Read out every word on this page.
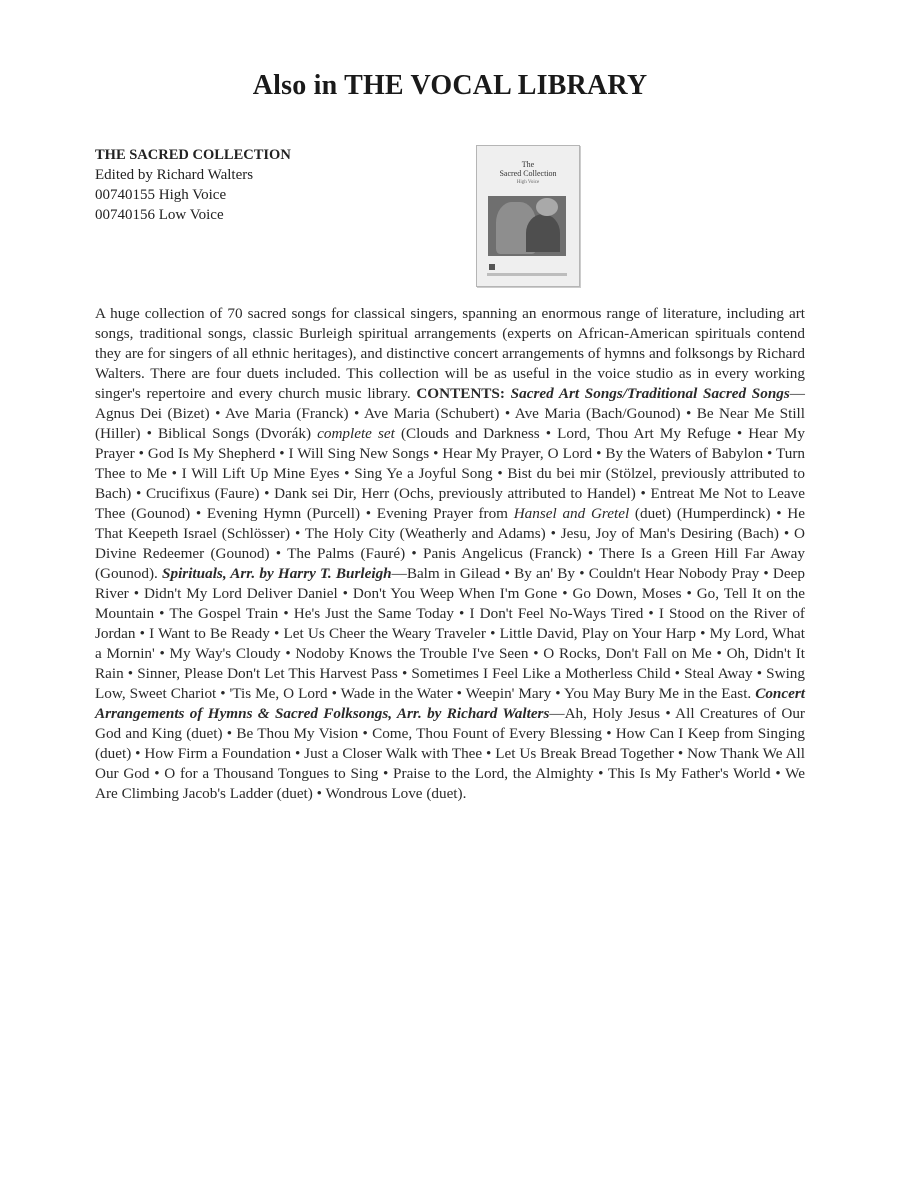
Also in THE VOCAL LIBRARY
THE SACRED COLLECTION
Edited by Richard Walters
00740155 High Voice
00740156 Low Voice
The
Sacred Collection
High Voice
A huge collection of 70 sacred songs for classical singers, spanning an enormous range of literature, including art songs, traditional songs, classic Burleigh spiritual arrangements (experts on African-American spirituals contend they are for singers of all ethnic heritages), and distinctive concert arrangements of hymns and folksongs by Richard Walters. There are four duets included. This collection will be as useful in the voice studio as in every working singer's repertoire and every church music library. CONTENTS: Sacred Art Songs/Traditional Sacred Songs—Agnus Dei (Bizet) • Ave Maria (Franck) • Ave Maria (Schubert) • Ave Maria (Bach/Gounod) • Be Near Me Still (Hiller) • Biblical Songs (Dvorák) complete set (Clouds and Darkness • Lord, Thou Art My Refuge • Hear My Prayer • God Is My Shepherd • I Will Sing New Songs • Hear My Prayer, O Lord • By the Waters of Babylon • Turn Thee to Me • I Will Lift Up Mine Eyes • Sing Ye a Joyful Song • Bist du bei mir (Stölzel, previously attributed to Bach) • Crucifixus (Faure) • Dank sei Dir, Herr (Ochs, previously attributed to Handel) • Entreat Me Not to Leave Thee (Gounod) • Evening Hymn (Purcell) • Evening Prayer from Hansel and Gretel (duet) (Humperdinck) • He That Keepeth Israel (Schlösser) • The Holy City (Weatherly and Adams) • Jesu, Joy of Man's Desiring (Bach) • O Divine Redeemer (Gounod) • The Palms (Fauré) • Panis Angelicus (Franck) • There Is a Green Hill Far Away (Gounod). Spirituals, Arr. by Harry T. Burleigh—Balm in Gilead • By an' By • Couldn't Hear Nobody Pray • Deep River • Didn't My Lord Deliver Daniel • Don't You Weep When I'm Gone • Go Down, Moses • Go, Tell It on the Mountain • The Gospel Train • He's Just the Same Today • I Don't Feel No-Ways Tired • I Stood on the River of Jordan • I Want to Be Ready • Let Us Cheer the Weary Traveler • Little David, Play on Your Harp • My Lord, What a Mornin' • My Way's Cloudy • Nodoby Knows the Trouble I've Seen • O Rocks, Don't Fall on Me • Oh, Didn't It Rain • Sinner, Please Don't Let This Harvest Pass • Sometimes I Feel Like a Motherless Child • Steal Away • Swing Low, Sweet Chariot • 'Tis Me, O Lord • Wade in the Water • Weepin' Mary • You May Bury Me in the East. Concert Arrangements of Hymns & Sacred Folksongs, Arr. by Richard Walters—Ah, Holy Jesus • All Creatures of Our God and King (duet) • Be Thou My Vision • Come, Thou Fount of Every Blessing • How Can I Keep from Singing (duet) • How Firm a Foundation • Just a Closer Walk with Thee • Let Us Break Bread Together • Now Thank We All Our God • O for a Thousand Tongues to Sing • Praise to the Lord, the Almighty • This Is My Father's World • We Are Climbing Jacob's Ladder (duet) • Wondrous Love (duet).
